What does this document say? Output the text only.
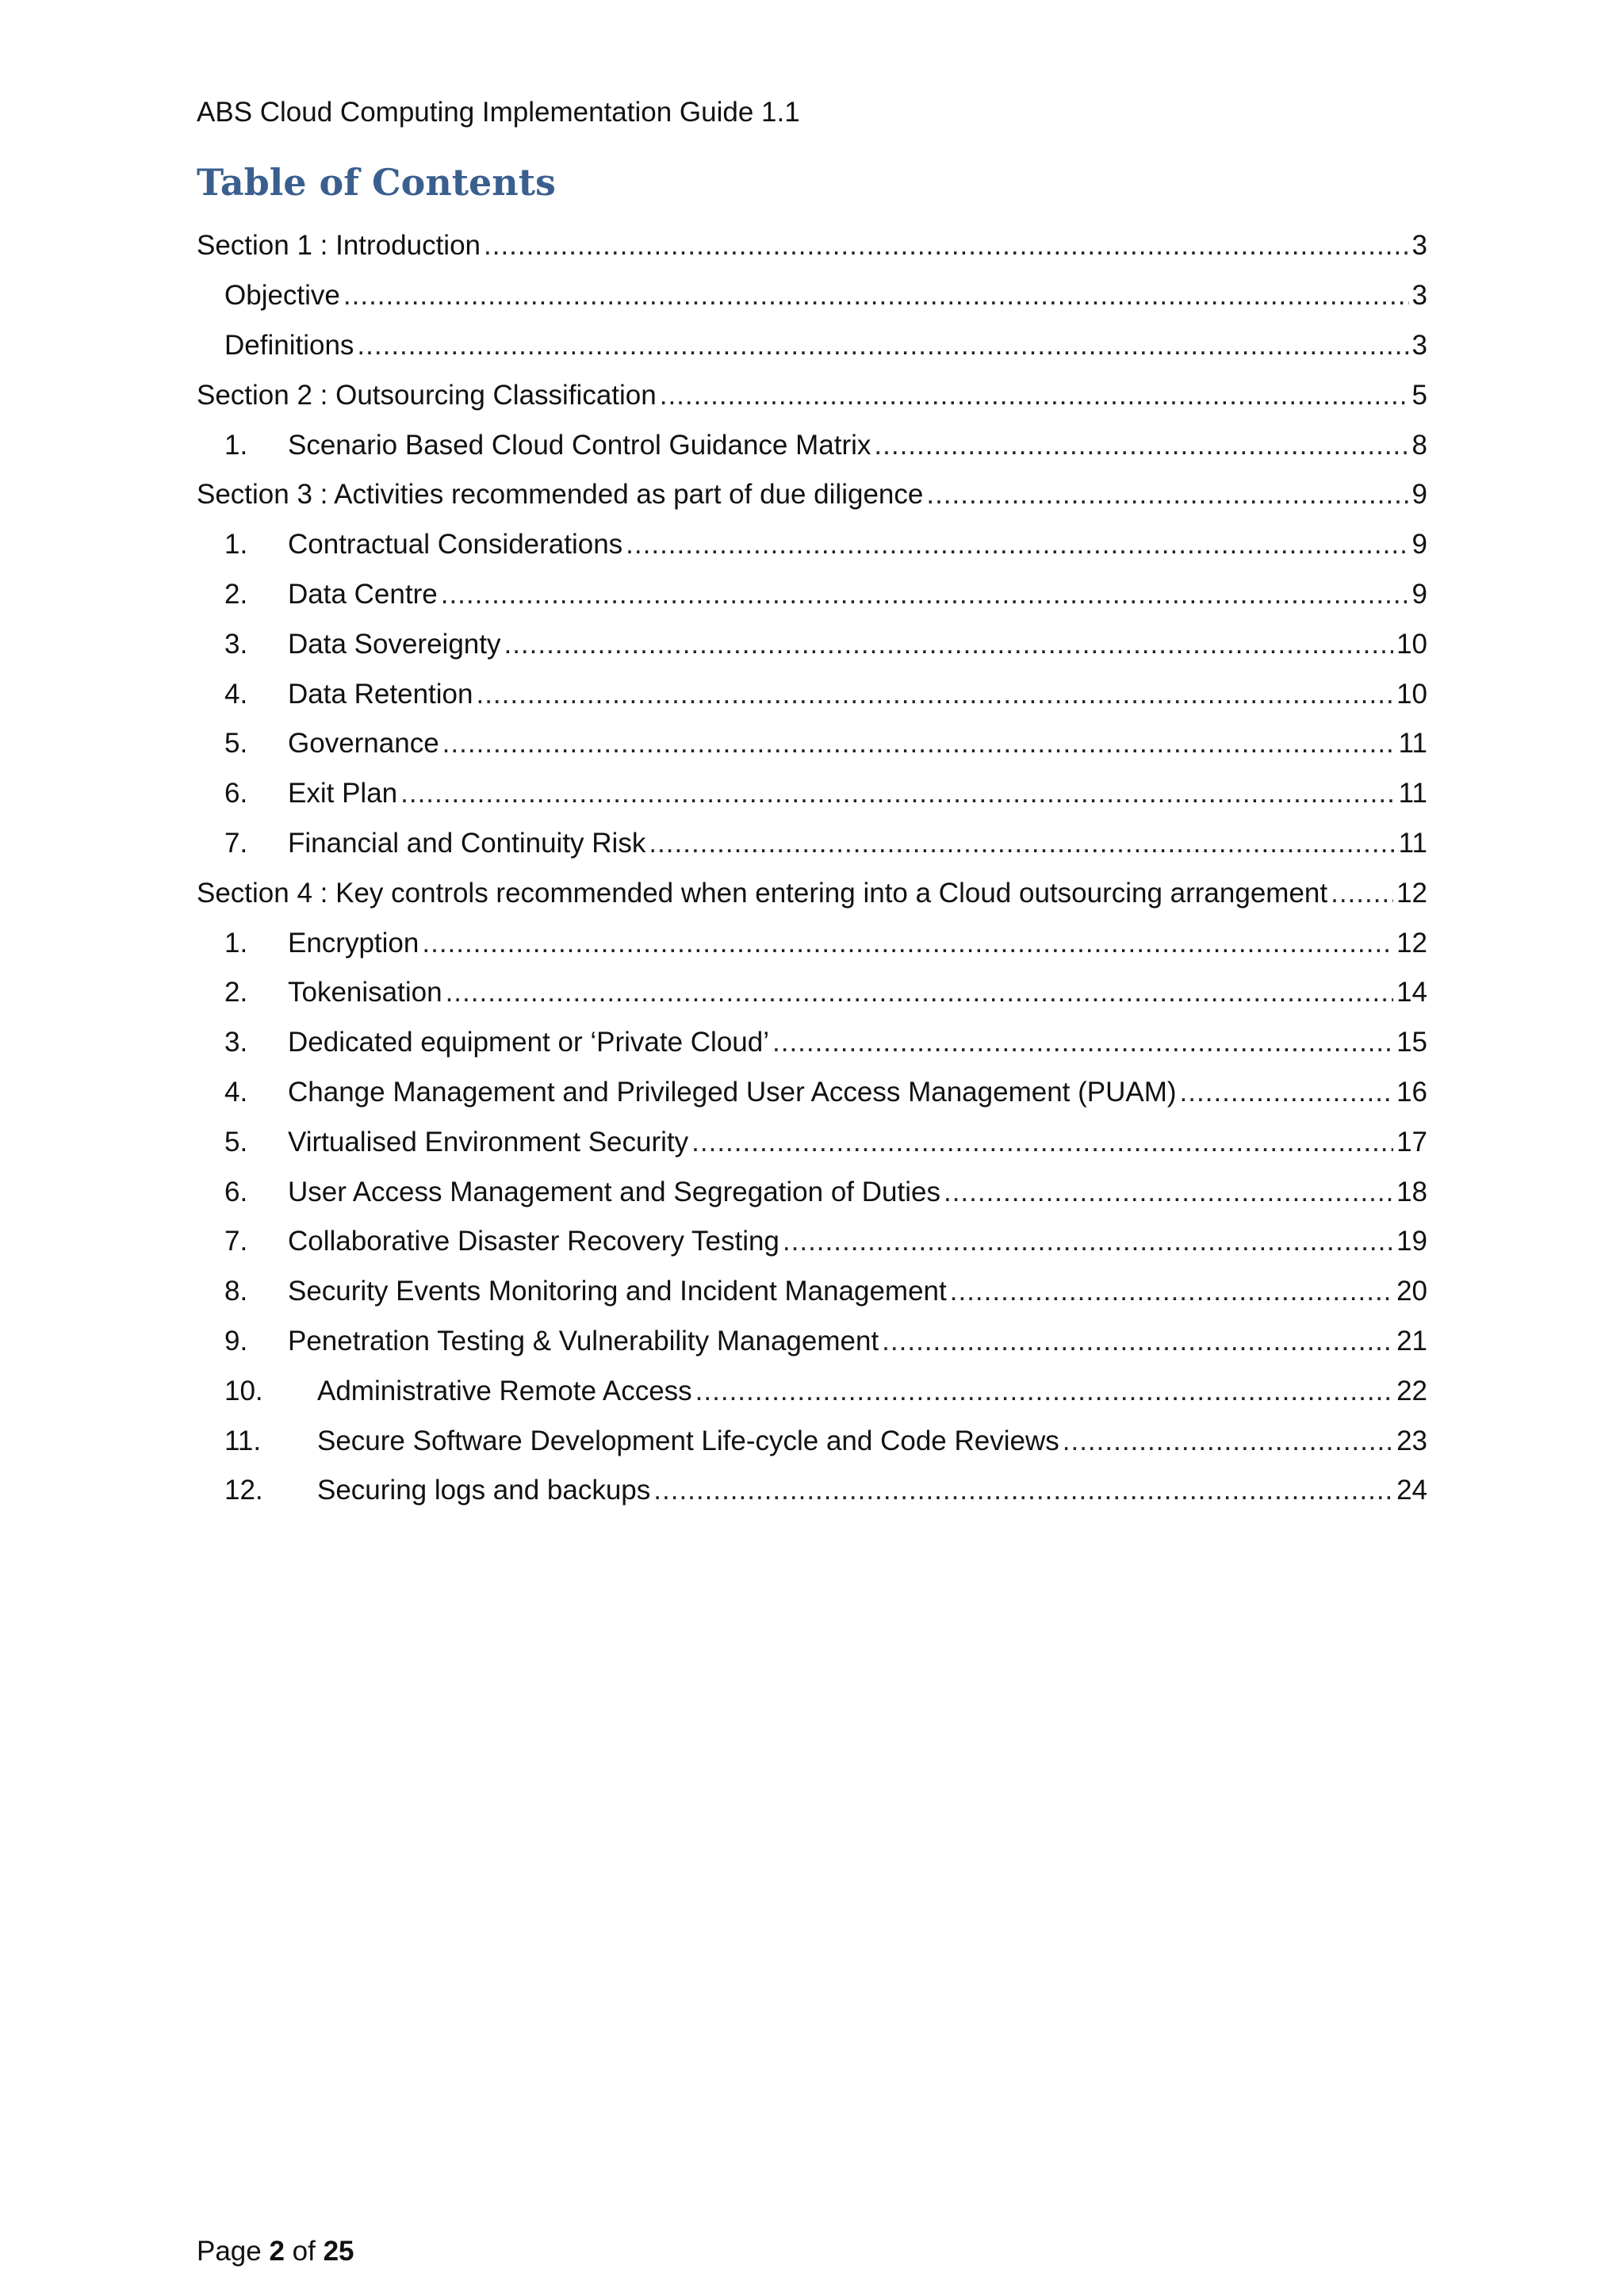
ABS Cloud Computing Implementation Guide 1.1
Table of Contents
Section 1 : Introduction .....	3
Objective .....	3
Definitions .....	3
Section 2 : Outsourcing Classification .....	5
1.	Scenario Based Cloud Control Guidance Matrix .....	8
Section 3 : Activities recommended as part of due diligence .....	9
1.	Contractual Considerations .....	9
2.	Data Centre .....	9
3.	Data Sovereignty .....	10
4.	Data Retention .....	10
5.	Governance .....	11
6.	Exit Plan .....	11
7.	Financial and Continuity Risk .....	11
Section 4 : Key controls recommended when entering into a Cloud outsourcing arrangement ..... 12
1.	Encryption .....	12
2.	Tokenisation .....	14
3.	Dedicated equipment or ‘Private Cloud’ .....	15
4.	Change Management and Privileged User Access Management (PUAM) .....	16
5.	Virtualised Environment Security .....	17
6.	User Access Management and Segregation of Duties .....	18
7.	Collaborative Disaster Recovery Testing .....	19
8.	Security Events Monitoring and Incident Management .....	20
9.	Penetration Testing & Vulnerability Management .....	21
10.	Administrative Remote Access .....	22
11.	Secure Software Development Life-cycle and Code Reviews .....	23
12.	Securing logs and backups .....	24
Page 2 of 25
